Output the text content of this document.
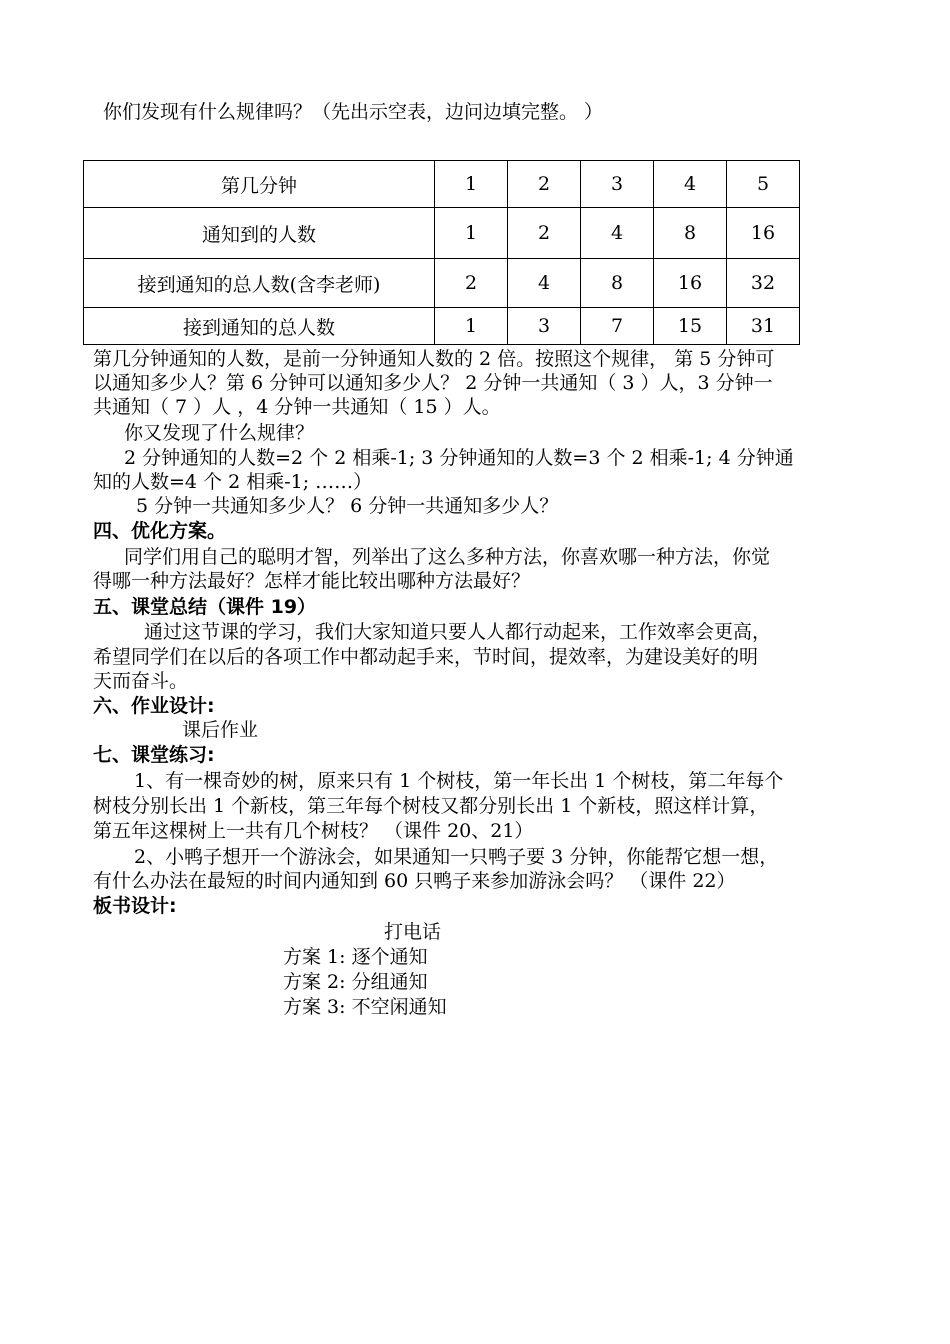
你们发现有什么规律吗？（先出示空表，边问边填完整。 ）
第几分钟	1	2	3	4	5
通知到的人数	1	2	4	8	16
接到通知的总人数(含李老师)	2	4	8	16	32
接到通知的总人数	1	3	7	15	31
第几分钟通知的人数，是前一分钟通知人数的 2 倍。按照这个规律， 第 5 分钟可
以通知多少人？第 6 分钟可以通知多少人？ 2 分钟一共通知（ 3 ）人，3 分钟一
共通知（ 7 ）人 ，4 分钟一共通知（ 15 ）人。
你又发现了什么规律？
2 分钟通知的人数=2 个 2 相乘-1; 3 分钟通知的人数=3 个 2 相乘-1; 4 分钟通
知的人数=4 个 2 相乘-1; ……）
5 分钟一共通知多少人？ 6 分钟一共通知多少人？
四、优化方案。
同学们用自己的聪明才智，列举出了这么多种方法，你喜欢哪一种方法，你觉
得哪一种方法最好？怎样才能比较出哪种方法最好？
五、课堂总结（课件 19）
通过这节课的学习，我们大家知道只要人人都行动起来，工作效率会更高，
希望同学们在以后的各项工作中都动起手来，节时间，提效率，为建设美好的明
天而奋斗。
六、作业设计:
课后作业
七、课堂练习:
1、有一棵奇妙的树，原来只有 1 个树枝，第一年长出 1 个树枝，第二年每个
树枝分别长出 1 个新枝，第三年每个树枝又都分别长出 1 个新枝，照这样计算，
第五年这棵树上一共有几个树枝？ （课件 20、21）
2、小鸭子想开一个游泳会，如果通知一只鸭子要 3 分钟，你能帮它想一想，
有什么办法在最短的时间内通知到 60 只鸭子来参加游泳会吗？ （课件 22）
板书设计:
打电话
方案 1: 逐个通知
方案 2: 分组通知
方案 3: 不空闲通知
